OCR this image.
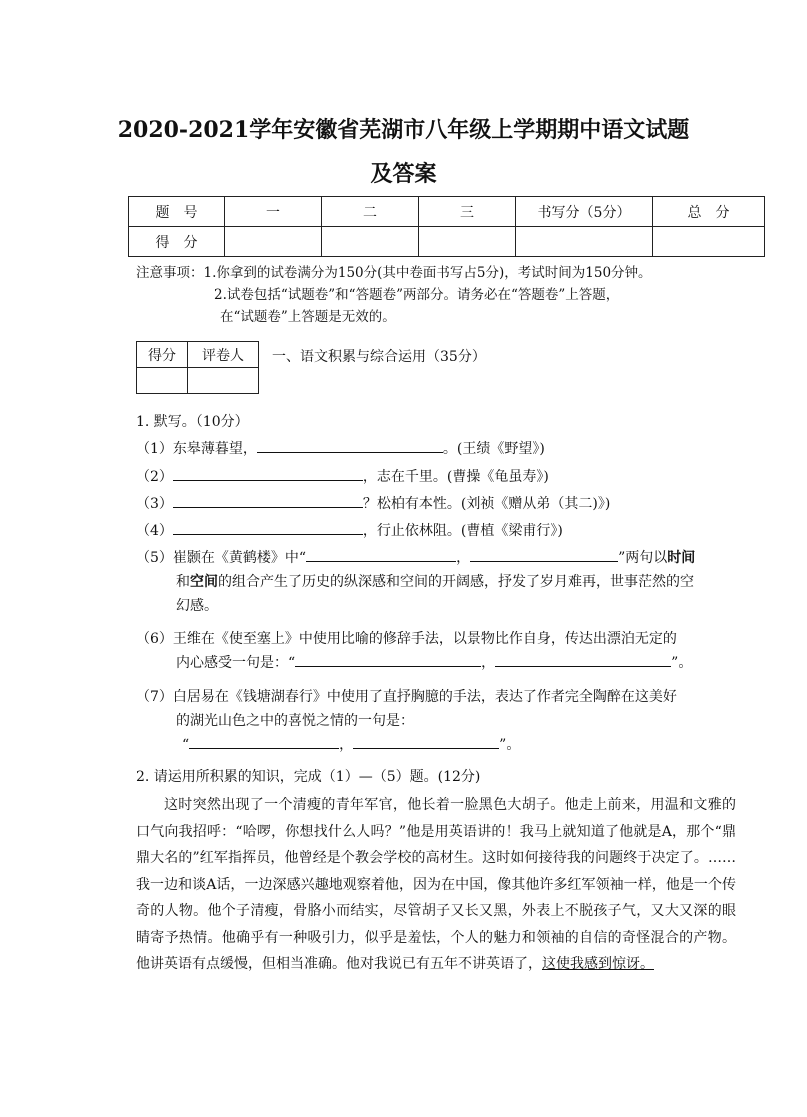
2020-2021学年安徽省芜湖市八年级上学期期中语文试题
及答案
题　号	一	二	三	书写分（5分）	总　分
得　分					
注意事项：1.你拿到的试卷满分为150分(其中卷面书写占5分)，考试时间为150分钟。
2.试卷包括“试题卷”和“答题卷”两部分。请务必在“答题卷”上答题，
在“试题卷”上答题是无效的。
得分	评卷人
	一、语文积累与综合运用（35分）
1. 默写。（10分）
（1）东皋薄暮望，	。(王绩《野望》)
（2）	，志在千里。(曹操《龟虽寿》)
（3）	？松柏有本性。(刘祯《赠从弟（其二)》)
（4）	，行止依林阻。(曹植《梁甫行》)
（5）崔颢在《黄鹤楼》中“	，	”两句以时间
和空间的组合产生了历史的纵深感和空间的开阔感，抒发了岁月难再，世事茫然的空
幻感。
（6）王维在《使至塞上》中使用比喻的修辞手法，以景物比作自身，传达出漂泊无定的
内心感受一句是：“	，	”。
（7）白居易在《钱塘湖春行》中使用了直抒胸臆的手法，表达了作者完全陶醉在这美好
的湖光山色之中的喜悦之情的一句是：
“	，	”。
2. 请运用所积累的知识，完成（1）—（5）题。(12分)

这时突然出现了一个清瘦的青年军官，他长着一脸黑色大胡子。他走上前来，用温和文雅的口气向我招呼：“哈啰，你想找什么人吗？”他是用英语讲的！我马上就知道了他就是A，那个“鼎鼎大名的”红军指挥员，他曾经是个教会学校的高材生。这时如何接待我的问题终于决定了。……我一边和谈A话，一边深感兴趣地观察着他，因为在中国，像其他许多红军领袖一样，他是一个传奇的人物。他个子清瘦，骨胳小而结实，尽管胡子又长又黑，外表上不脱孩子气，又大又深的眼睛寄予热情。他确乎有一种吸引力，似乎是羞怯，个人的魅力和领袖的自信的奇怪混合的产物。他讲英语有点缓慢，但相当准确。他对我说已有五年不讲英语了，这使我感到惊讶。
